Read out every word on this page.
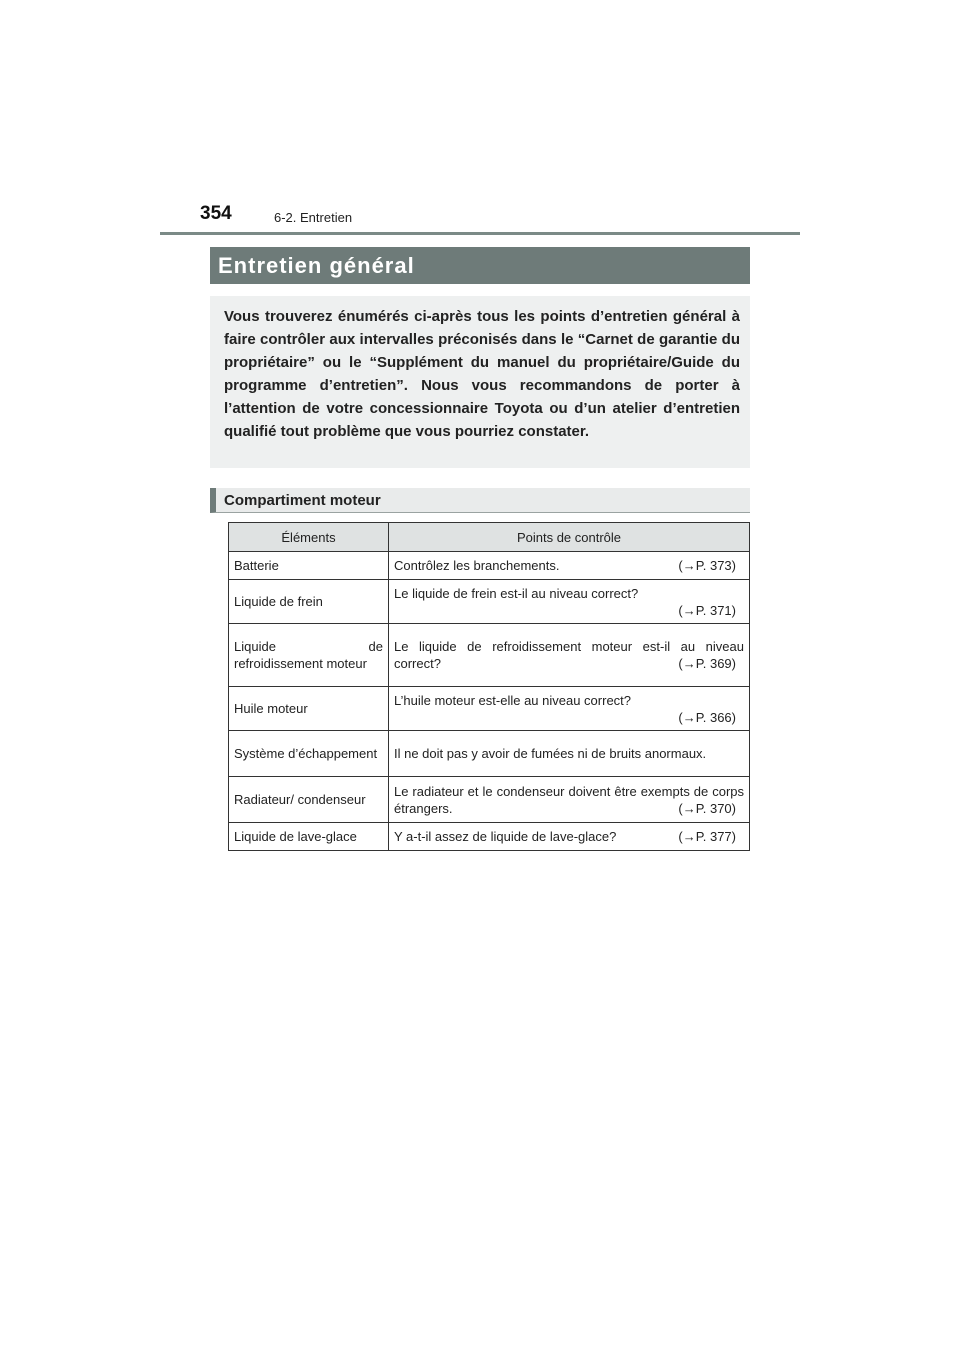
354	6-2. Entretien
Entretien général

Vous trouverez énumérés ci-après tous les points d’entretien général à faire contrôler aux intervalles préconisés dans le “Carnet de garantie du propriétaire” ou le “Supplément du manuel du propriétaire/Guide du programme d’entretien”. Nous vous recommandons de porter à l’attention de votre concessionnaire Toyota ou d’un atelier d’entretien qualifié tout problème que vous pourriez constater.

Compartiment moteur
Éléments	Points de contrôle
Batterie	Contrôlez les branchements. (→P. 373)

Liquide de frein	Le liquide de frein est-il au niveau correct?
(→P. 371)

Liquide de refroidissement moteur	Le liquide de refroidissement moteur est-il au niveau correct? (→P. 369)

Huile moteur	L’huile moteur est-elle au niveau correct?
(→P. 366)

Système d’échappement	Il ne doit pas y avoir de fumées ni de bruits anormaux.
Radiateur/ condenseur	Le radiateur et le condenseur doivent être exempts de corps étrangers. (→P. 370)

Liquide de lave-glace	Y a-t-il assez de liquide de lave-glace? (→P. 377)
